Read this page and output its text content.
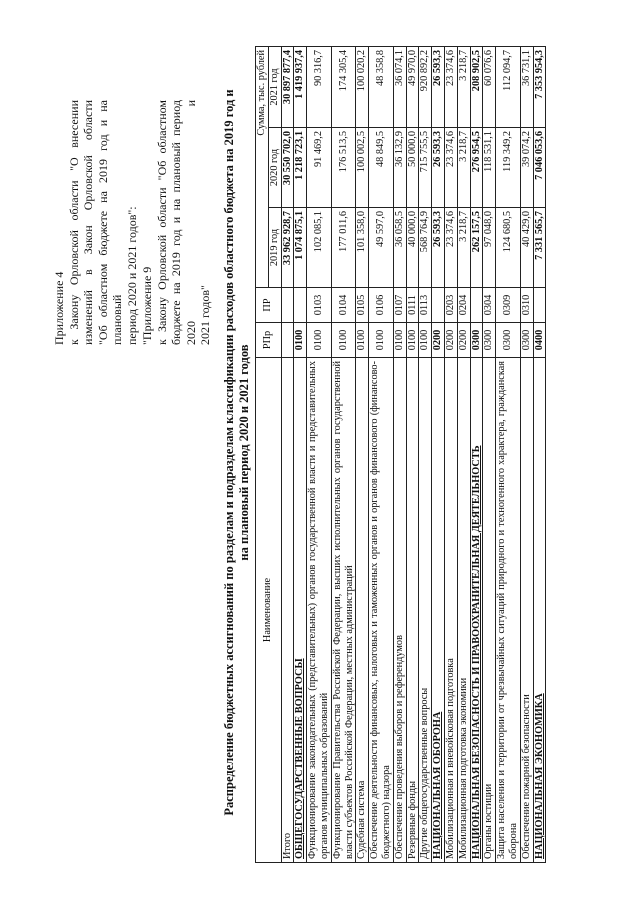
Приложение 4 к Закону Орловской области "О внесении изменений в Закон Орловской области "Об областном бюджете на 2019 год и на плановый период 2020 и 2021 годов": "Приложение 9 к Закону Орловской области "Об областном бюджете на 2019 год и на плановый период 2020 и 2021 годов" Распределение бюджетных ассигнований по разделам и подразделам классификации расходов областного бюджета на 2019 год и на плановый период 2020 и 2021 годов
Наименование	РПр	ПР	Сумма, тыс. рублей		
			2019 год	2020 год	2021 год
Итого			33 962 928,7	30 550 702,0	30 897 877,4
ОБЩЕГОСУДАРСТВЕННЫЕ ВОПРОСЫ	0100		1 074 875,1	1 218 723,1	1 419 937,4
Функционирование законодательных (представительных) органов государственной власти и представительных органов муниципальных образований	0100	0103	102 085,1	91 469,2	90 316,7
Функционирование Правительства Российской Федерации, высших исполнительных органов государственной власти субъектов Российской Федерации, местных администраций	0100	0104	177 011,6	176 513,5	174 305,4
Судебная система	0100	0105	101 358,0	100 002,5	100 020,2
Обеспечение деятельности финансовых, налоговых и таможенных органов и органов финансового (финансово-бюджетного) надзора	0100	0106	49 597,0	48 849,5	48 358,8
Обеспечение проведения выборов и референдумов	0100	0107	36 058,5	36 132,9	36 074,1
Резервные фонды	0100	0111	40 000,0	50 000,0	49 970,0
Другие общегосударственные вопросы	0100	0113	568 764,9	715 755,5	920 892,2
НАЦИОНАЛЬНАЯ ОБОРОНА	0200		26 593,3	26 593,3	26 593,3
Мобилизационная и вневойсковая подготовка	0200	0203	23 374,6	23 374,6	23 374,6
Мобилизационная подготовка экономики	0200	0204	3 218,7	3 218,7	3 218,7
НАЦИОНАЛЬНАЯ БЕЗОПАСНОСТЬ И ПРАВООХРАНИТЕЛЬНАЯ ДЕЯТЕЛЬНОСТЬ	0300		262 157,5	276 954,5	208 902,5
Органы юстиции	0300	0304	97 048,0	118 531,1	60 076,6
Защита населения и территории от чрезвычайных ситуаций природного и техногенного характера, гражданская оборона	0300	0309	124 680,5	119 349,2	112 094,7
Обеспечение пожарной безопасности	0300	0310	40 429,0	39 074,2	36 731,1
НАЦИОНАЛЬНАЯ ЭКОНОМИКА	0400		7 331 565,7	7 046 053,6	7 353 954,3
